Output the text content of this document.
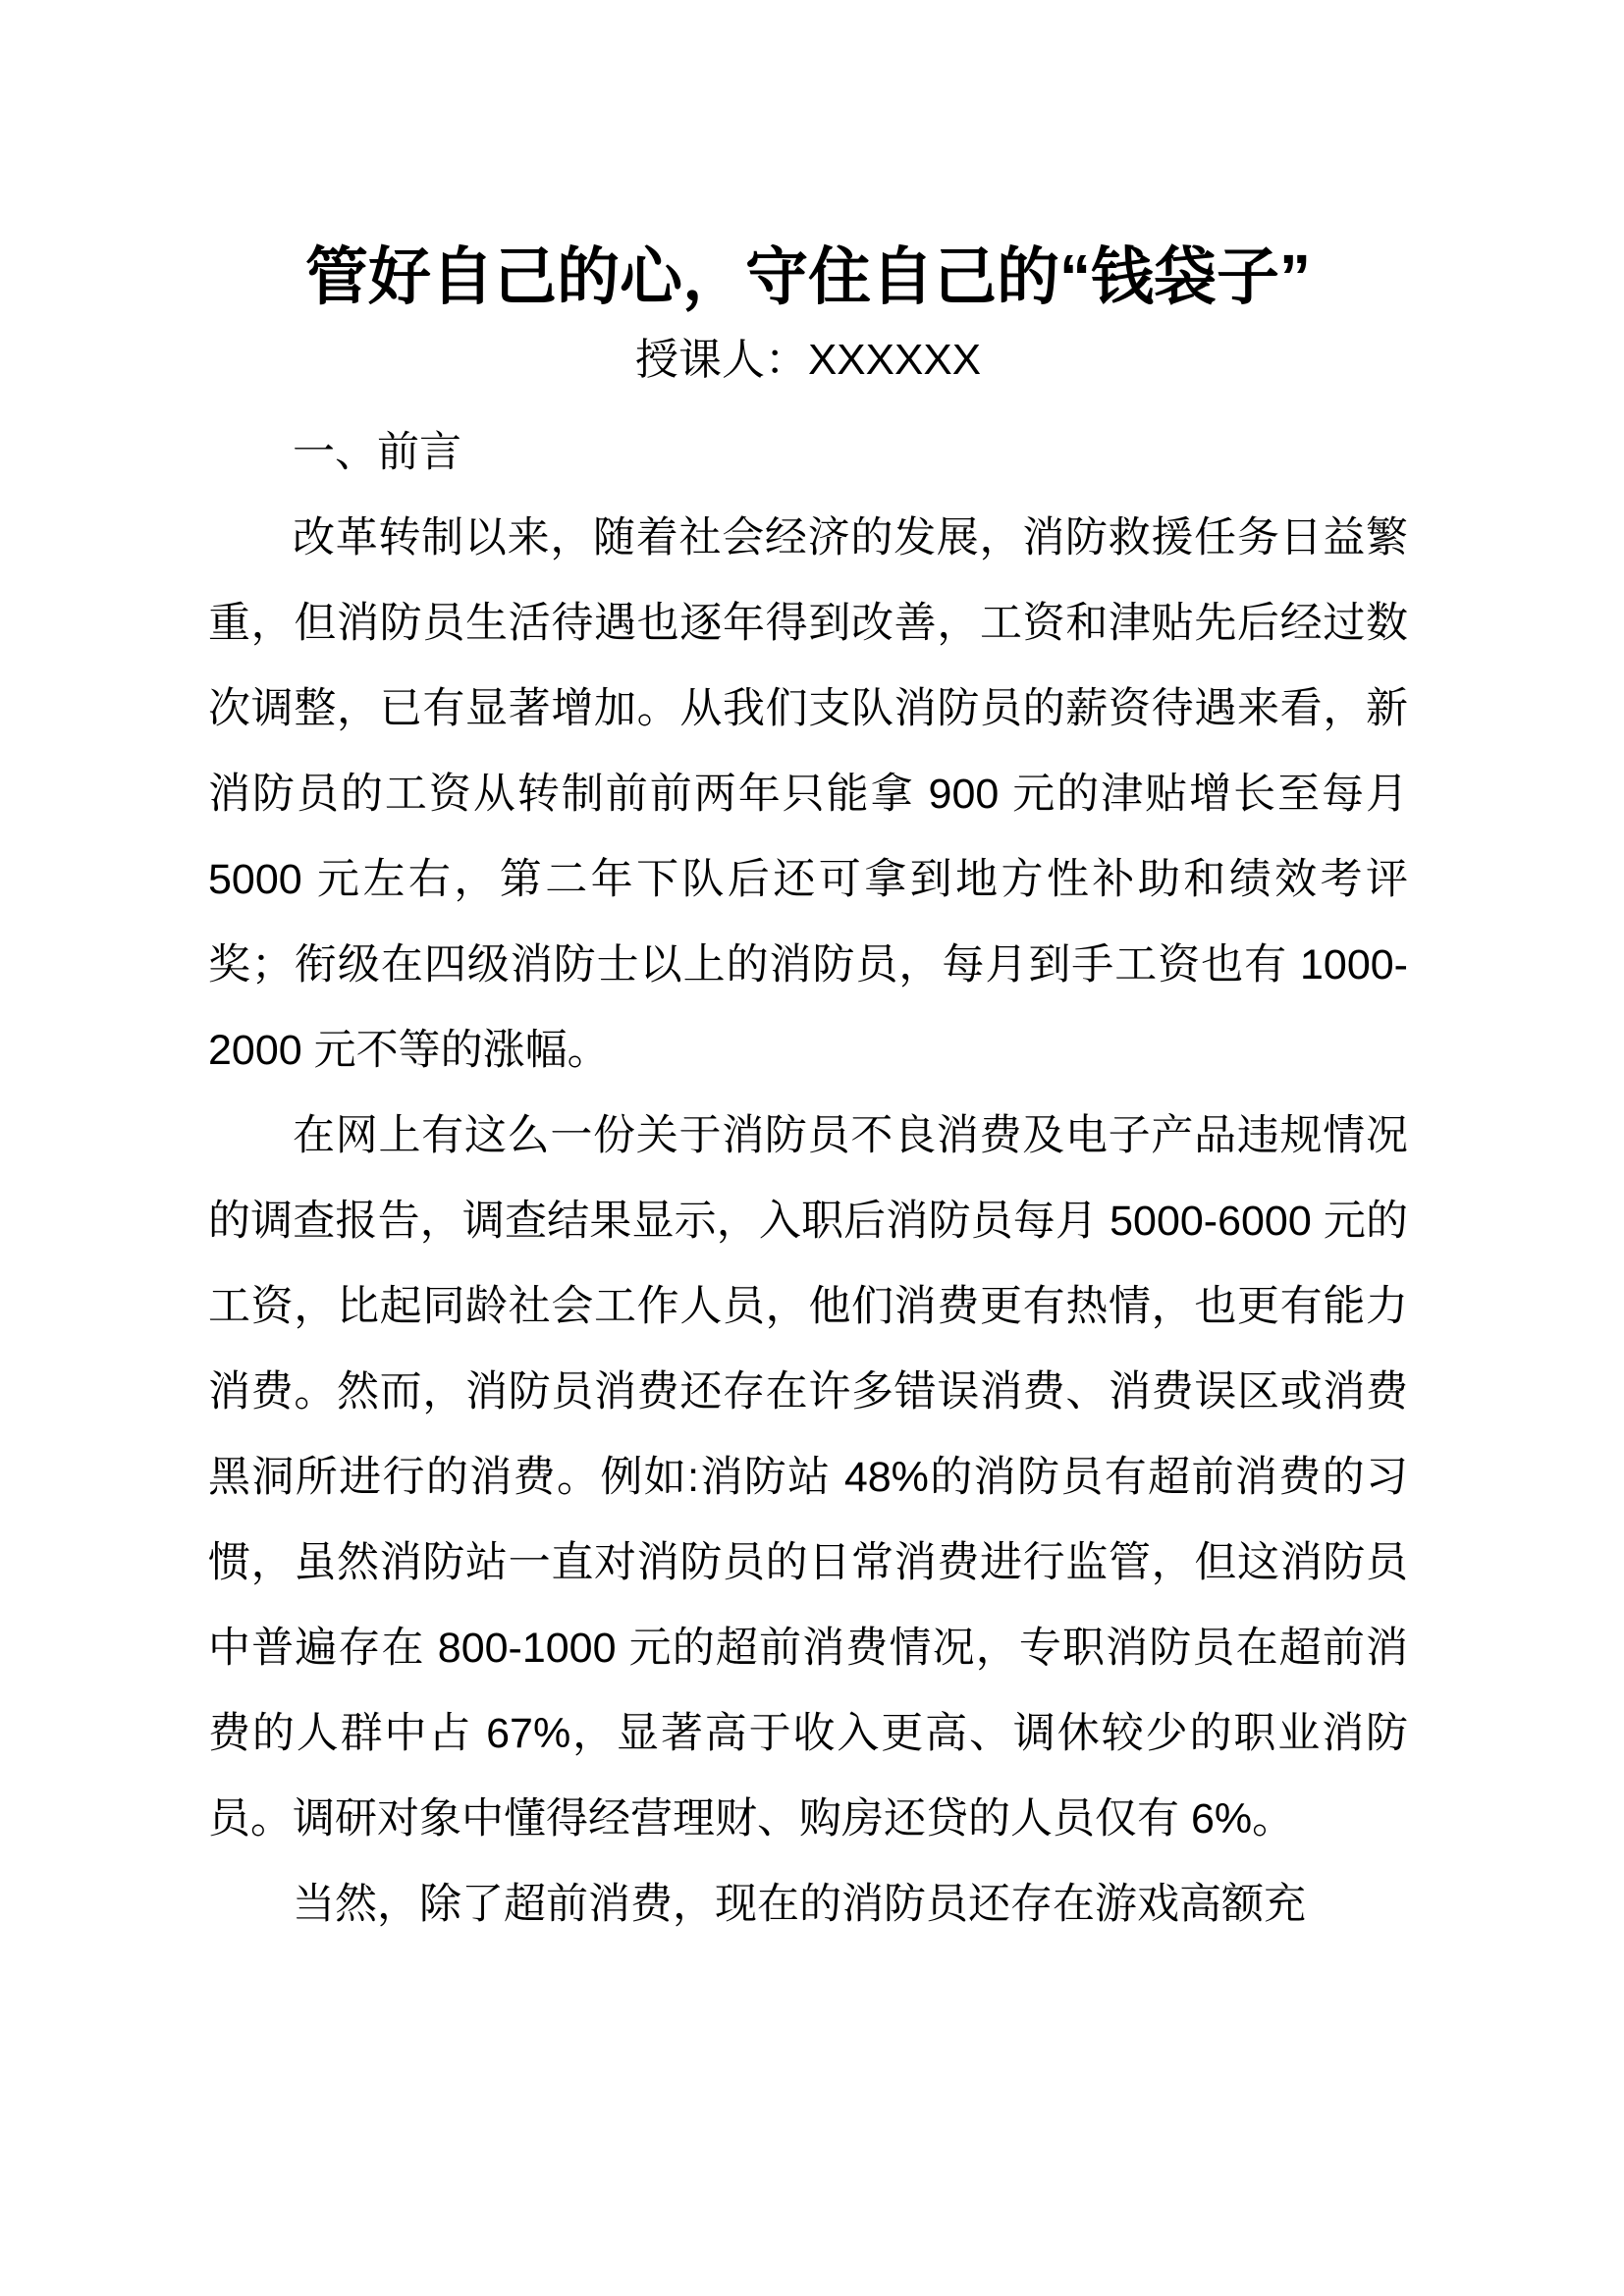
管好自己的心，守住自己的“钱袋子”
授课人：XXXXXX

一、前言

改革转制以来，随着社会经济的发展，消防救援任务日益繁重，但消防员生活待遇也逐年得到改善，工资和津贴先后经过数次调整，已有显著增加。从我们支队消防员的薪资待遇来看，新消防员的工资从转制前前两年只能拿 900 元的津贴增长至每月 5000 元左右，第二年下队后还可拿到地方性补助和绩效考评奖；衔级在四级消防士以上的消防员，每月到手工资也有 1000-2000 元不等的涨幅。

在网上有这么一份关于消防员不良消费及电子产品违规情况的调查报告，调查结果显示，入职后消防员每月 5000-6000 元的工资，比起同龄社会工作人员，他们消费更有热情，也更有能力消费。然而，消防员消费还存在许多错误消费、消费误区或消费黑洞所进行的消费。例如:消防站 48%的消防员有超前消费的习惯，虽然消防站一直对消防员的日常消费进行监管，但这消防员中普遍存在 800-1000 元的超前消费情况，专职消防员在超前消费的人群中占 67%，显著高于收入更高、调休较少的职业消防员。调研对象中懂得经营理财、购房还贷的人员仅有 6%。

当然，除了超前消费，现在的消防员还存在游戏高额充
